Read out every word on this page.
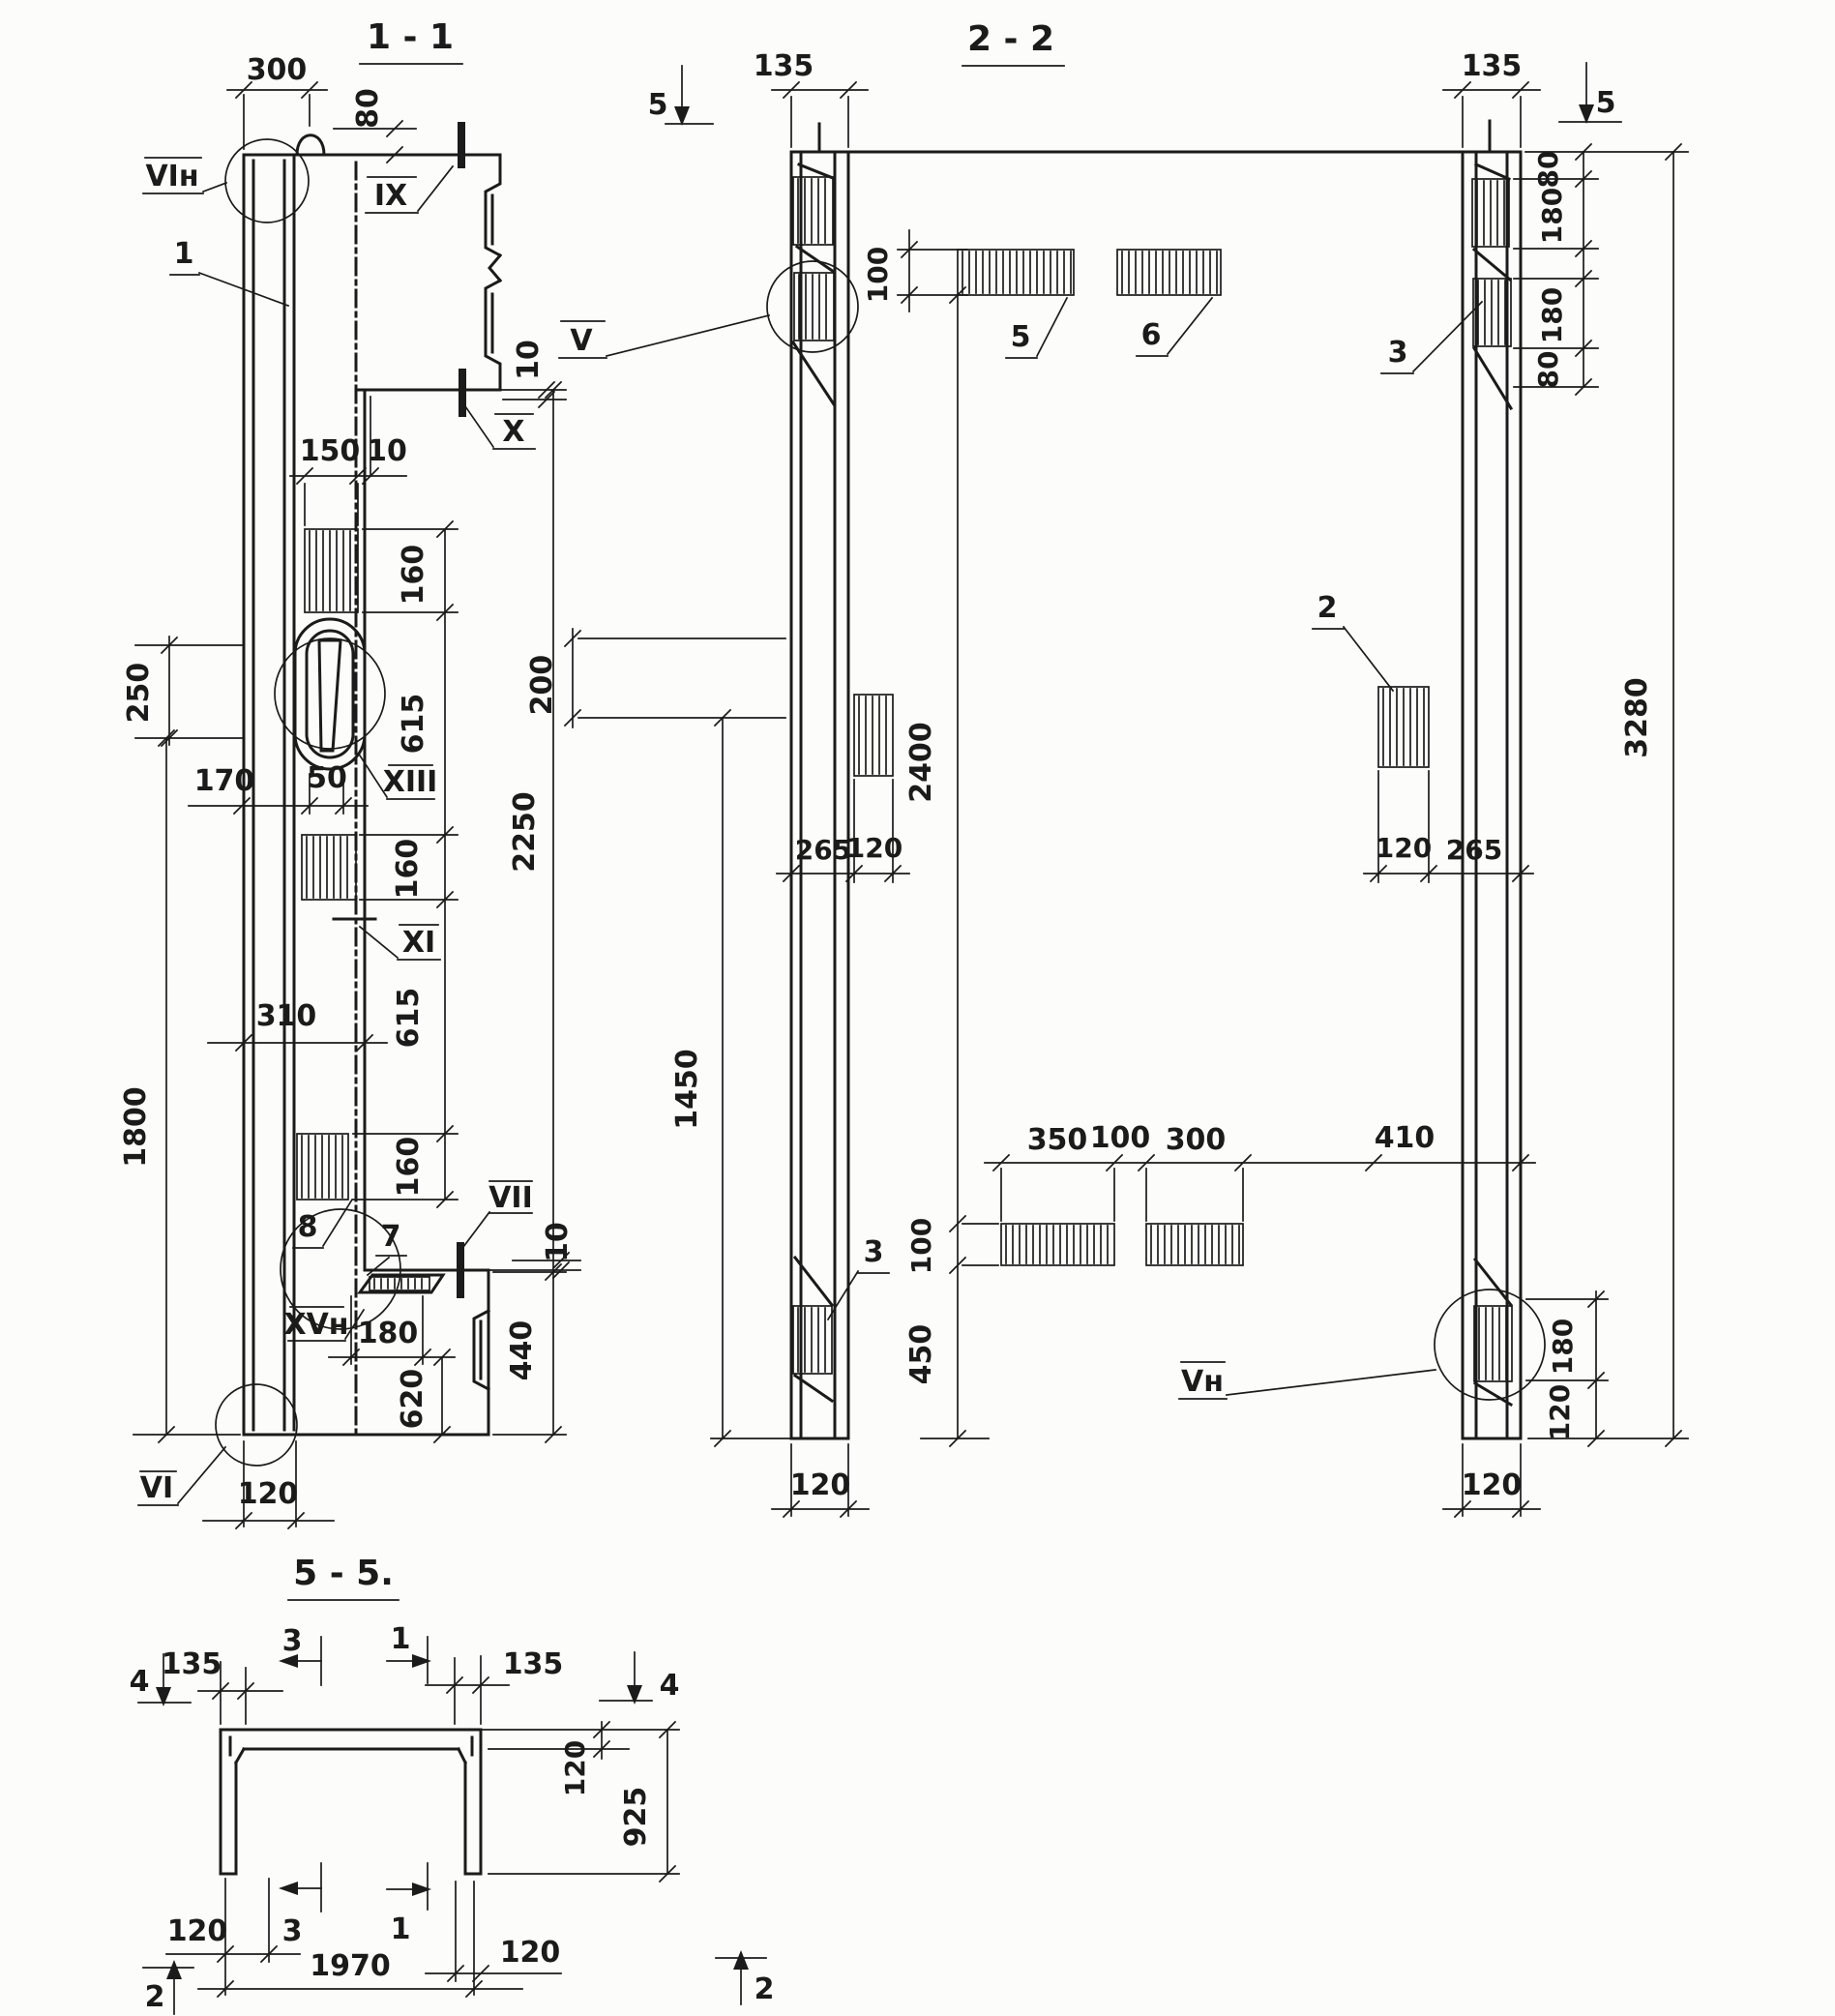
1 - 1
300
80
10
150 10
160
615
160
615
160
250
170 50
310
2250
1800
180
620
440
10
120
1
8 7
VIн
IX
X
XIII
XI
VII
XVн
VI
2 - 2
135	135
5	5
80
180
180
80
3280
100
5	6
3
V
200
2400
2
265
120	120 265
1450
350 100 300	410
100
450
3
Vн
180
120
120	120
5 - 5.
4
135
3	1
135
4
120
925
3	1
120
120
1970
2	2
